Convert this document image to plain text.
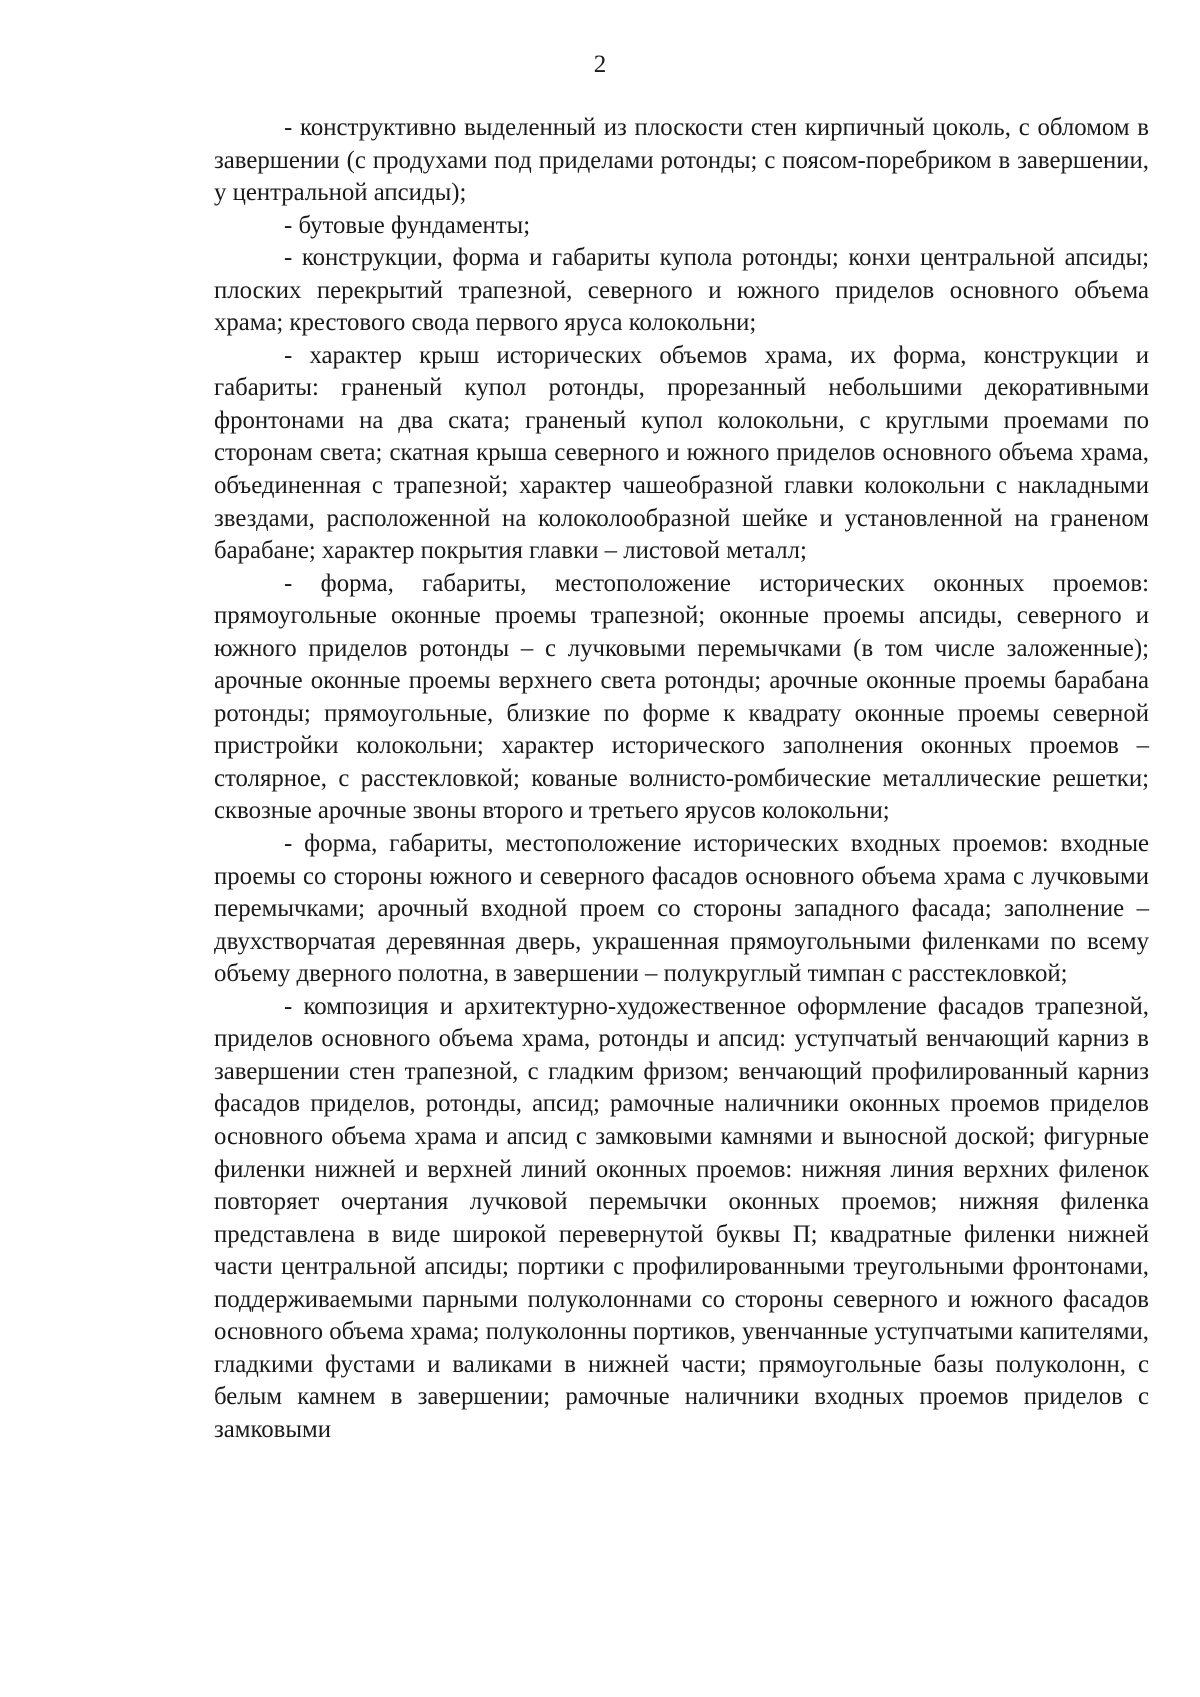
2

- конструктивно выделенный из плоскости стен кирпичный цоколь, с обломом в завершении (с продухами под приделами ротонды; с поясом-поребриком в завершении, у центральной апсиды);

- бутовые фундаменты;

- конструкции, форма и габариты купола ротонды; конхи центральной апсиды; плоских перекрытий трапезной, северного и южного приделов основного объема храма; крестового свода первого яруса колокольни;

- характер крыш исторических объемов храма, их форма, конструкции и габариты: граненый купол ротонды, прорезанный небольшими декоративными фронтонами на два ската; граненый купол колокольни, с круглыми проемами по сторонам света; скатная крыша северного и южного приделов основного объема храма, объединенная с трапезной; характер чашеобразной главки колокольни с накладными звездами, расположенной на колоколообразной шейке и установленной на граненом барабане; характер покрытия главки – листовой металл;

- форма, габариты, местоположение исторических оконных проемов: прямоугольные оконные проемы трапезной; оконные проемы апсиды, северного и южного приделов ротонды – с лучковыми перемычками (в том числе заложенные); арочные оконные проемы верхнего света ротонды; арочные оконные проемы барабана ротонды; прямоугольные, близкие по форме к квадрату оконные проемы северной пристройки колокольни; характер исторического заполнения оконных проемов – столярное, с расстекловкой; кованые волнисто-ромбические металлические решетки; сквозные арочные звоны второго и третьего ярусов колокольни;

- форма, габариты, местоположение исторических входных проемов: входные проемы со стороны южного и северного фасадов основного объема храма с лучковыми перемычками; арочный входной проем со стороны западного фасада; заполнение – двухстворчатая деревянная дверь, украшенная прямоугольными филенками по всему объему дверного полотна, в завершении – полукруглый тимпан с расстекловкой;

- композиция и архитектурно-художественное оформление фасадов трапезной, приделов основного объема храма, ротонды и апсид: уступчатый венчающий карниз в завершении стен трапезной, с гладким фризом; венчающий профилированный карниз фасадов приделов, ротонды, апсид; рамочные наличники оконных проемов приделов основного объема храма и апсид с замковыми камнями и выносной доской; фигурные филенки нижней и верхней линий оконных проемов: нижняя линия верхних филенок повторяет очертания лучковой перемычки оконных проемов; нижняя филенка представлена в виде широкой перевернутой буквы П; квадратные филенки нижней части центральной апсиды; портики с профилированными треугольными фронтонами, поддерживаемыми парными полуколоннами со стороны северного и южного фасадов основного объема храма; полуколонны портиков, увенчанные уступчатыми капителями, гладкими фустами и валиками в нижней части; прямоугольные базы полуколонн, с белым камнем в завершении; рамочные наличники входных проемов приделов с замковыми
